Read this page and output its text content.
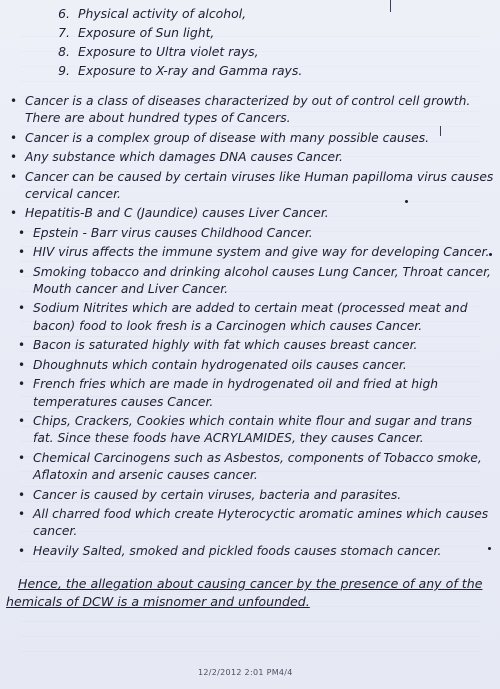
6. Physical activity of alcohol,
7. Exposure of Sun light,
8. Exposure to Ultra violet rays,
9. Exposure to X-ray and Gamma rays.
• Cancer is a class of diseases characterized by out of control cell growth. There are about hundred types of Cancers.
• Cancer is a complex group of disease with many possible causes.
• Any substance which damages DNA causes Cancer.
• Cancer can be caused by certain viruses like Human papilloma virus causes cervical cancer.
• Hepatitis-B and C (Jaundice) causes Liver Cancer.
• Epstein - Barr virus causes Childhood Cancer.
• HIV virus affects the immune system and give way for developing Cancer.
• Smoking tobacco and drinking alcohol causes Lung Cancer, Throat cancer, Mouth cancer and Liver Cancer.
• Sodium Nitrites which are added to certain meat (processed meat and bacon) food to look fresh is a Carcinogen which causes Cancer.
• Bacon is saturated highly with fat which causes breast cancer.
• Dhoughnuts which contain hydrogenated oils causes cancer.
• French fries which are made in hydrogenated oil and fried at high temperatures causes Cancer.
• Chips, Crackers, Cookies which contain white flour and sugar and trans fat. Since these foods have ACRYLAMIDES, they causes Cancer.
• Chemical Carcinogens such as Asbestos, components of Tobacco smoke, Aflatoxin and arsenic causes cancer.
• Cancer is caused by certain viruses, bacteria and parasites.
• All charred food which create Hyterocyctic aromatic amines which causes cancer.
• Heavily Salted, smoked and pickled foods causes stomach cancer.
Hence, the allegation about causing cancer by the presence of any of the
hemicals of DCW is a misnomer and unfounded.
12/2/2012 2:01 PM4/4
